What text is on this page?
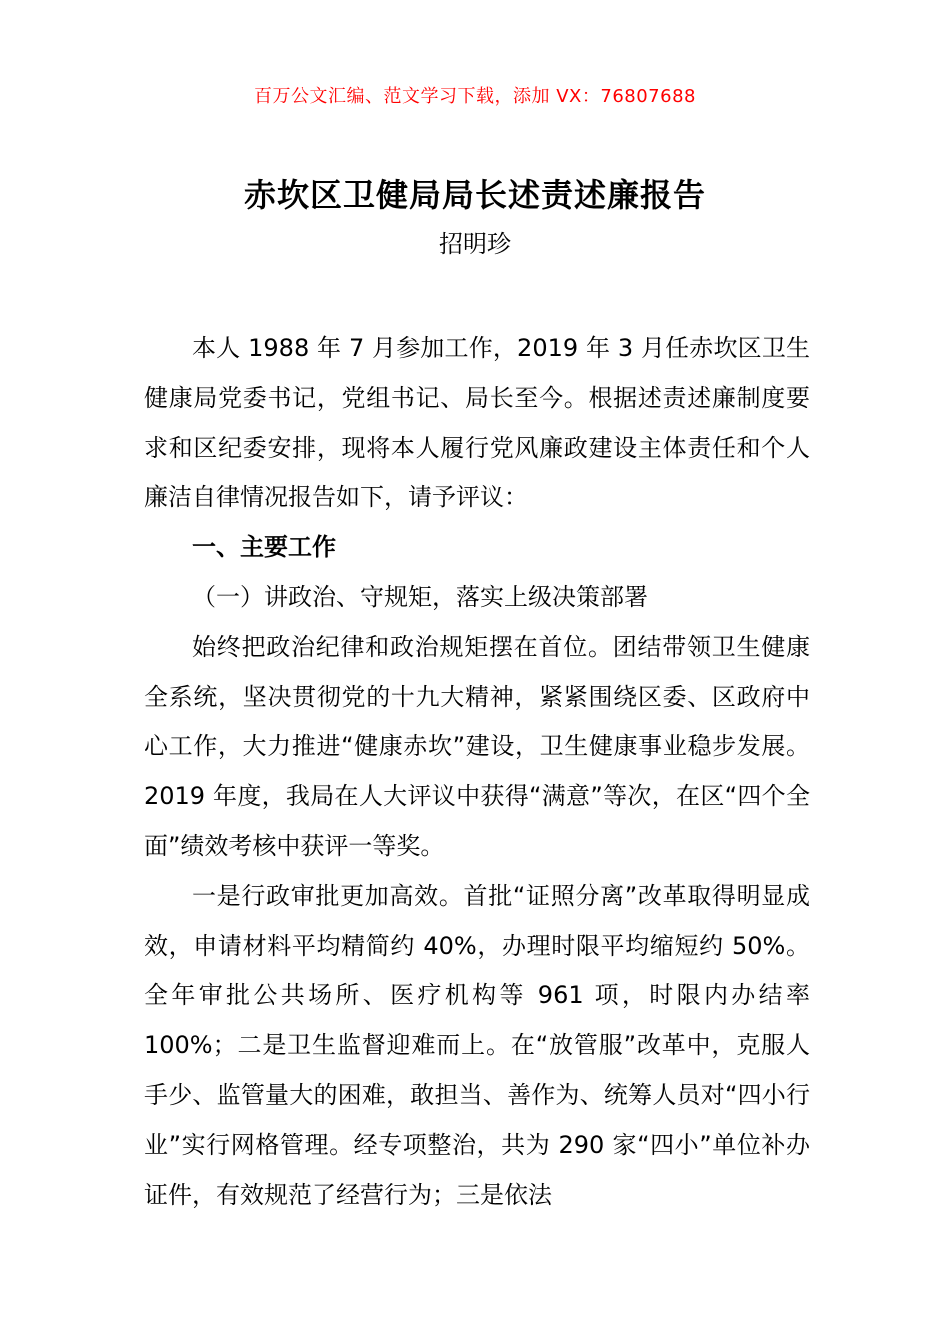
百万公文汇编、范文学习下载，添加 VX：76807688
赤坎区卫健局局长述责述廉报告
招明珍

本人 1988 年 7 月参加工作，2019 年 3 月任赤坎区卫生健康局党委书记，党组书记、局长至今。根据述责述廉制度要求和区纪委安排，现将本人履行党风廉政建设主体责任和个人廉洁自律情况报告如下，请予评议：

一、主要工作

（一）讲政治、守规矩，落实上级决策部署

始终把政治纪律和政治规矩摆在首位。团结带领卫生健康全系统，坚决贯彻党的十九大精神，紧紧围绕区委、区政府中心工作，大力推进“健康赤坎”建设，卫生健康事业稳步发展。2019 年度，我局在人大评议中获得“满意”等次，在区“四个全面”绩效考核中获评一等奖。

一是行政审批更加高效。首批“证照分离”改革取得明显成效，申请材料平均精简约 40%，办理时限平均缩短约 50%。全年审批公共场所、医疗机构等 961 项，时限内办结率 100%；二是卫生监督迎难而上。在“放管服”改革中，克服人手少、监管量大的困难，敢担当、善作为、统筹人员对“四小行业”实行网格管理。经专项整治，共为 290 家“四小”单位补办证件，有效规范了经营行为；三是依法
